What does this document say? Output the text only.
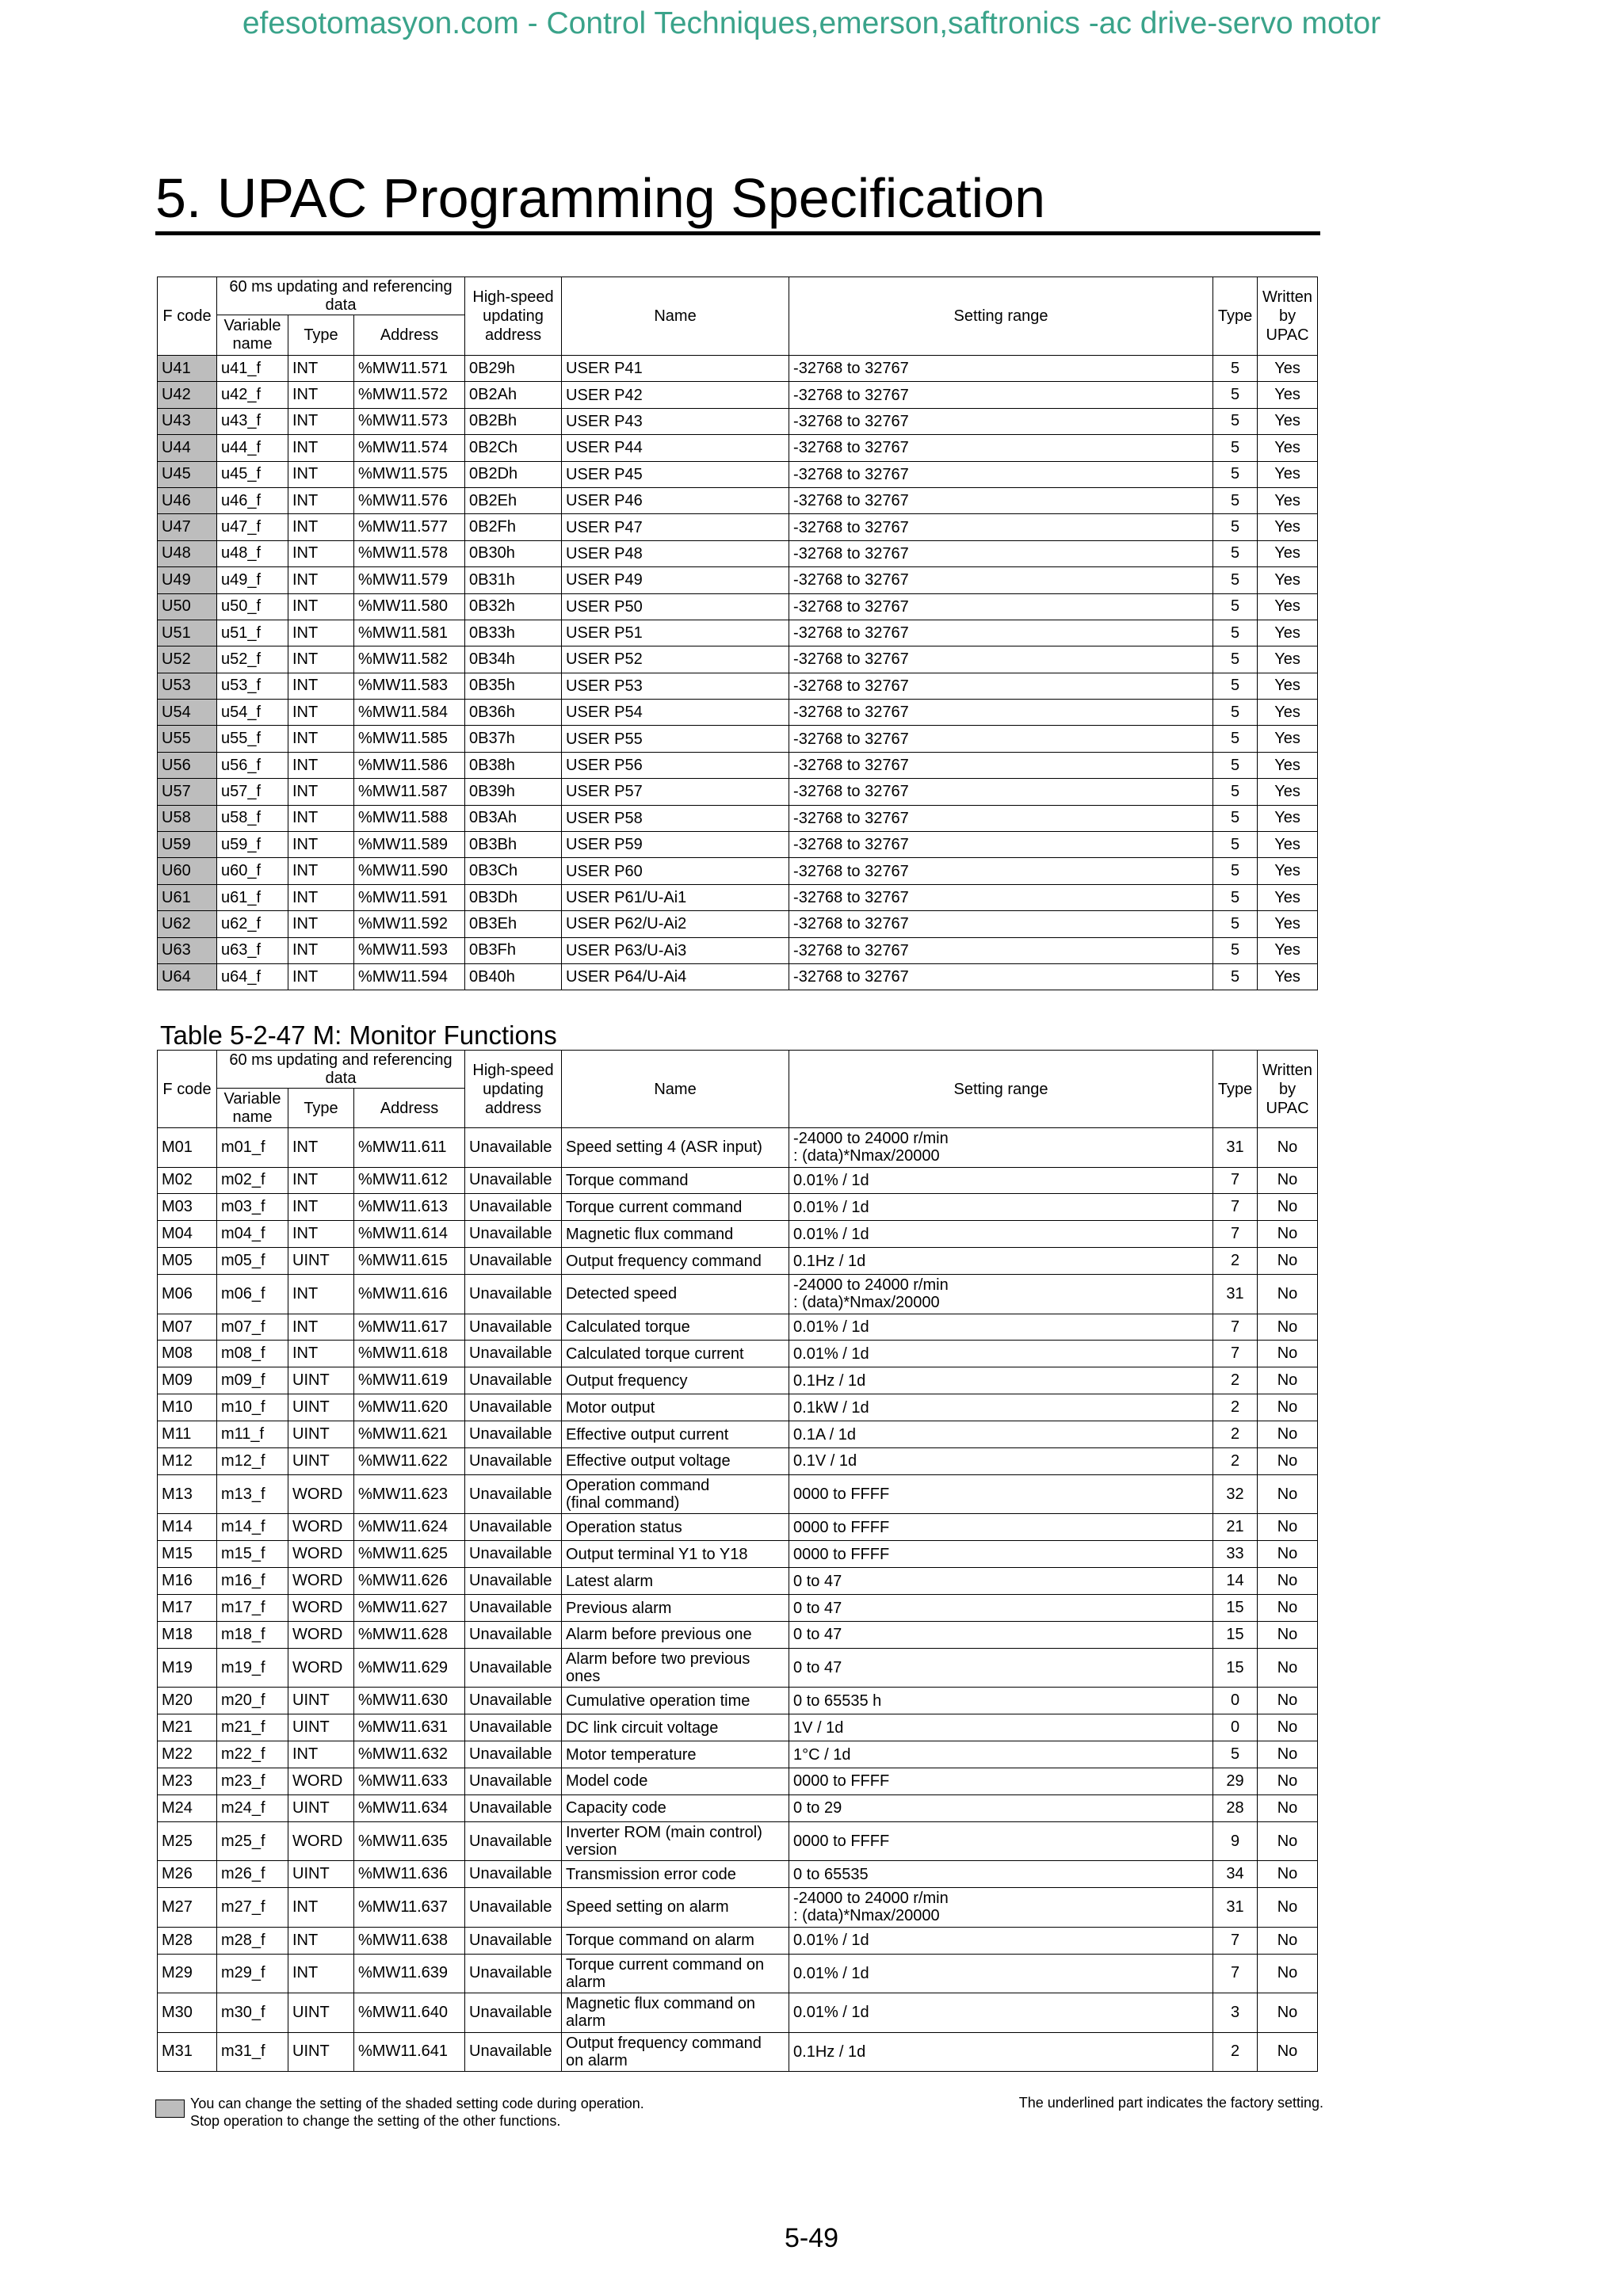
efesotomasyon.com - Control Techniques,emerson,saftronics -ac drive-servo motor
5. UPAC Programming Specification
F code	60 ms updating and referencing data			High-speed updating address	Name	Setting range	Type	Written by UPAC
	Variable name	Type	Address					
U41	u41_f	INT	%MW11.571	0B29h	USER P41	-32768 to 32767	5	Yes
U42	u42_f	INT	%MW11.572	0B2Ah	USER P42	-32768 to 32767	5	Yes
U43	u43_f	INT	%MW11.573	0B2Bh	USER P43	-32768 to 32767	5	Yes
U44	u44_f	INT	%MW11.574	0B2Ch	USER P44	-32768 to 32767	5	Yes
U45	u45_f	INT	%MW11.575	0B2Dh	USER P45	-32768 to 32767	5	Yes
U46	u46_f	INT	%MW11.576	0B2Eh	USER P46	-32768 to 32767	5	Yes
U47	u47_f	INT	%MW11.577	0B2Fh	USER P47	-32768 to 32767	5	Yes
U48	u48_f	INT	%MW11.578	0B30h	USER P48	-32768 to 32767	5	Yes
U49	u49_f	INT	%MW11.579	0B31h	USER P49	-32768 to 32767	5	Yes
U50	u50_f	INT	%MW11.580	0B32h	USER P50	-32768 to 32767	5	Yes
U51	u51_f	INT	%MW11.581	0B33h	USER P51	-32768 to 32767	5	Yes
U52	u52_f	INT	%MW11.582	0B34h	USER P52	-32768 to 32767	5	Yes
U53	u53_f	INT	%MW11.583	0B35h	USER P53	-32768 to 32767	5	Yes
U54	u54_f	INT	%MW11.584	0B36h	USER P54	-32768 to 32767	5	Yes
U55	u55_f	INT	%MW11.585	0B37h	USER P55	-32768 to 32767	5	Yes
U56	u56_f	INT	%MW11.586	0B38h	USER P56	-32768 to 32767	5	Yes
U57	u57_f	INT	%MW11.587	0B39h	USER P57	-32768 to 32767	5	Yes
U58	u58_f	INT	%MW11.588	0B3Ah	USER P58	-32768 to 32767	5	Yes
U59	u59_f	INT	%MW11.589	0B3Bh	USER P59	-32768 to 32767	5	Yes
U60	u60_f	INT	%MW11.590	0B3Ch	USER P60	-32768 to 32767	5	Yes
U61	u61_f	INT	%MW11.591	0B3Dh	USER P61/U-Ai1	-32768 to 32767	5	Yes
U62	u62_f	INT	%MW11.592	0B3Eh	USER P62/U-Ai2	-32768 to 32767	5	Yes
U63	u63_f	INT	%MW11.593	0B3Fh	USER P63/U-Ai3	-32768 to 32767	5	Yes
U64	u64_f	INT	%MW11.594	0B40h	USER P64/U-Ai4	-32768 to 32767	5	Yes
Table 5-2-47 M: Monitor Functions
F code	60 ms updating and referencing data			High-speed updating address	Name	Setting range	Type	Written by UPAC
	Variable name	Type	Address					
M01	m01_f	INT	%MW11.611	Unavailable	Speed setting 4 (ASR input)	-24000 to 24000 r/min
: (data)*Nmax/20000	31	No
M02	m02_f	INT	%MW11.612	Unavailable	Torque command	0.01% / 1d	7	No
M03	m03_f	INT	%MW11.613	Unavailable	Torque current command	0.01% / 1d	7	No
M04	m04_f	INT	%MW11.614	Unavailable	Magnetic flux command	0.01% / 1d	7	No
M05	m05_f	UINT	%MW11.615	Unavailable	Output frequency command	0.1Hz / 1d	2	No
M06	m06_f	INT	%MW11.616	Unavailable	Detected speed	-24000 to 24000 r/min
: (data)*Nmax/20000	31	No
M07	m07_f	INT	%MW11.617	Unavailable	Calculated torque	0.01% / 1d	7	No
M08	m08_f	INT	%MW11.618	Unavailable	Calculated torque current	0.01% / 1d	7	No
M09	m09_f	UINT	%MW11.619	Unavailable	Output frequency	0.1Hz / 1d	2	No
M10	m10_f	UINT	%MW11.620	Unavailable	Motor output	0.1kW / 1d	2	No
M11	m11_f	UINT	%MW11.621	Unavailable	Effective output current	0.1A / 1d	2	No
M12	m12_f	UINT	%MW11.622	Unavailable	Effective output voltage	0.1V / 1d	2	No
M13	m13_f	WORD	%MW11.623	Unavailable	Operation command
(final command)	0000 to FFFF	32	No
M14	m14_f	WORD	%MW11.624	Unavailable	Operation status	0000 to FFFF	21	No
M15	m15_f	WORD	%MW11.625	Unavailable	Output terminal Y1 to Y18	0000 to FFFF	33	No
M16	m16_f	WORD	%MW11.626	Unavailable	Latest alarm	0 to 47	14	No
M17	m17_f	WORD	%MW11.627	Unavailable	Previous alarm	0 to 47	15	No
M18	m18_f	WORD	%MW11.628	Unavailable	Alarm before previous one	0 to 47	15	No
M19	m19_f	WORD	%MW11.629	Unavailable	Alarm before two previous
ones	0 to 47	15	No
M20	m20_f	UINT	%MW11.630	Unavailable	Cumulative operation time	0 to 65535 h	0	No
M21	m21_f	UINT	%MW11.631	Unavailable	DC link circuit voltage	1V / 1d	0	No
M22	m22_f	INT	%MW11.632	Unavailable	Motor temperature	1°C / 1d	5	No
M23	m23_f	WORD	%MW11.633	Unavailable	Model code	0000 to FFFF	29	No
M24	m24_f	UINT	%MW11.634	Unavailable	Capacity code	0 to 29	28	No
M25	m25_f	WORD	%MW11.635	Unavailable	Inverter ROM (main control)
version	0000 to FFFF	9	No
M26	m26_f	UINT	%MW11.636	Unavailable	Transmission error code	0 to 65535	34	No
M27	m27_f	INT	%MW11.637	Unavailable	Speed setting on alarm	-24000 to 24000 r/min
: (data)*Nmax/20000	31	No
M28	m28_f	INT	%MW11.638	Unavailable	Torque command on alarm	0.01% / 1d	7	No
M29	m29_f	INT	%MW11.639	Unavailable	Torque current command on
alarm	0.01% / 1d	7	No
M30	m30_f	UINT	%MW11.640	Unavailable	Magnetic flux command on
alarm	0.01% / 1d	3	No
M31	m31_f	UINT	%MW11.641	Unavailable	Output frequency command
on alarm	0.1Hz / 1d	2	No
You can change the setting of the shaded setting code during operation.
Stop operation to change the setting of the other functions.
The underlined part indicates the factory setting.
5-49
